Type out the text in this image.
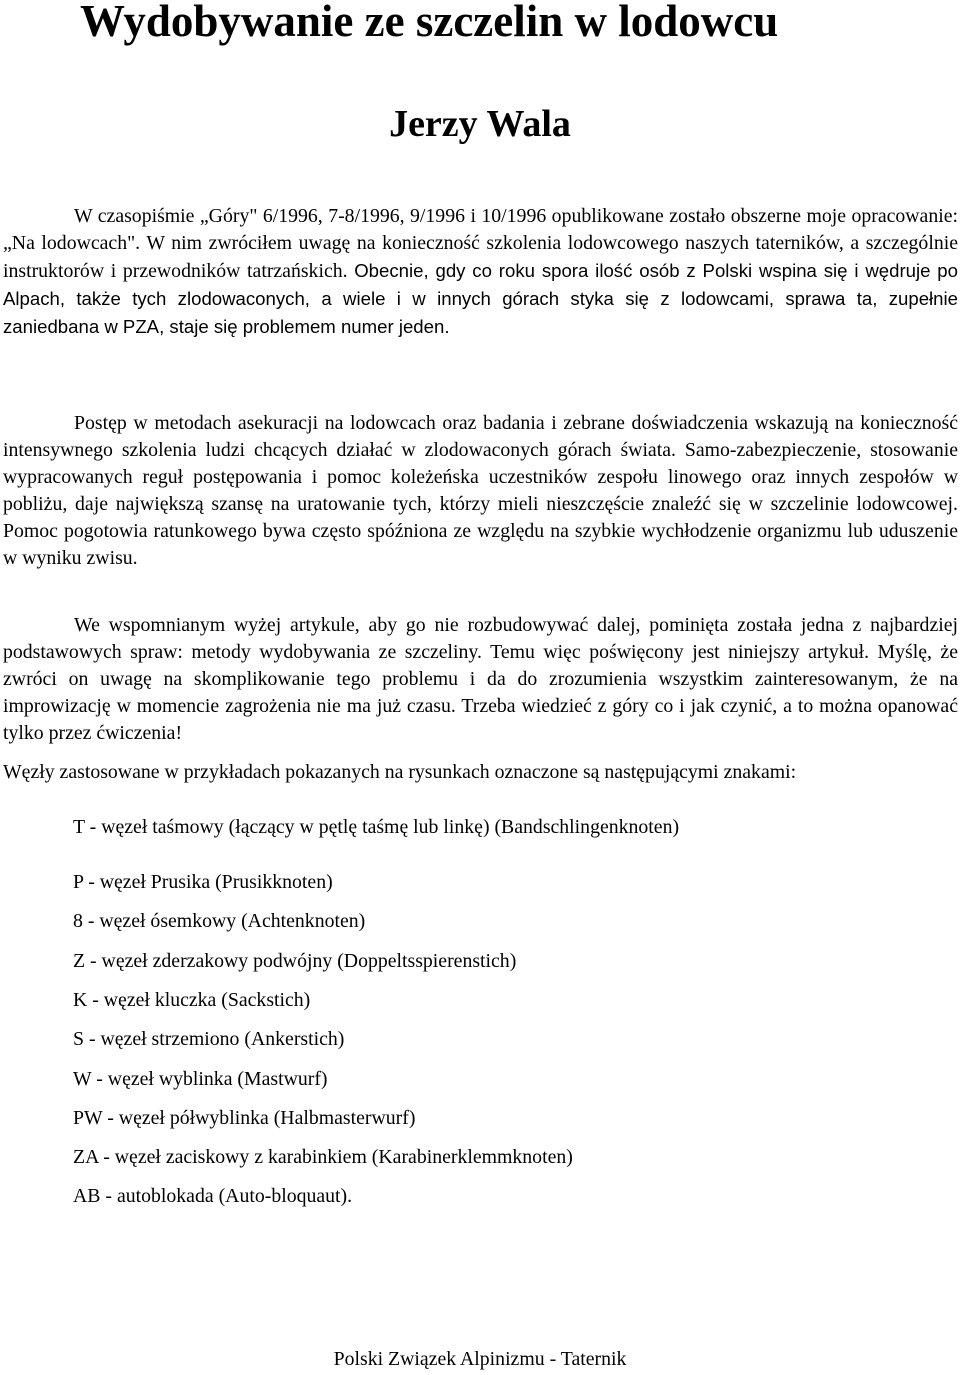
Wydobywanie ze szczelin w lodowcu
Jerzy Wala

W czasopiśmie „Góry" 6/1996, 7-8/1996, 9/1996 i 10/1996 opublikowane zostało obszerne moje opracowanie: „Na lodowcach". W nim zwróciłem uwagę na konieczność szkolenia lodowcowego naszych taterników, a szczególnie instruktorów i przewodników tatrzańskich. Obecnie, gdy co roku spora ilość osób z Polski wspina się i wędruje po Alpach, także tych zlodowaconych, a wiele i w innych górach styka się z lodowcami, sprawa ta, zupełnie zaniedbana w PZA, staje się problemem numer jeden.

Postęp w metodach asekuracji na lodowcach oraz badania i zebrane doświadczenia wskazują na konieczność intensywnego szkolenia ludzi chcących działać w zlodowaconych górach świata. Samo-zabezpieczenie, stosowanie wypracowanych reguł postępowania i pomoc koleżeńska uczestników zespołu linowego oraz innych zespołów w pobliżu, daje największą szansę na uratowanie tych, którzy mieli nieszczęście znaleźć się w szczelinie lodowcowej. Pomoc pogotowia ratunkowego bywa często spóźniona ze względu na szybkie wychłodzenie organizmu lub uduszenie w wyniku zwisu.

We wspomnianym wyżej artykule, aby go nie rozbudowywać dalej, pominięta została jedna z najbardziej podstawowych spraw: metody wydobywania ze szczeliny. Temu więc poświęcony jest niniejszy artykuł. Myślę, że zwróci on uwagę na skomplikowanie tego problemu i da do zrozumienia wszystkim zainteresowanym, że na improwizację w momencie zagrożenia nie ma już czasu. Trzeba wiedzieć z góry co i jak czynić, a to można opanować tylko przez ćwiczenia!

Węzły zastosowane w przykładach pokazanych na rysunkach oznaczone są następującymi znakami:

T - węzeł taśmowy (łączący w pętlę taśmę lub linkę) (Bandschlingenknoten)
P - węzeł Prusika (Prusikknoten)
8 - węzeł ósemkowy (Achtenknoten)
Z - węzeł zderzakowy podwójny (Doppeltsspierenstich)
K - węzeł kluczka (Sackstich)
S - węzeł strzemiono (Ankerstich)
W - węzeł wyblinka (Mastwurf)
PW - węzeł półwyblinka (Halbmasterwurf)
ZA - węzeł zaciskowy z karabinkiem (Karabinerklemmknoten)
AB - autoblokada (Auto-bloquaut).

Polski Związek Alpinizmu - Taternik
